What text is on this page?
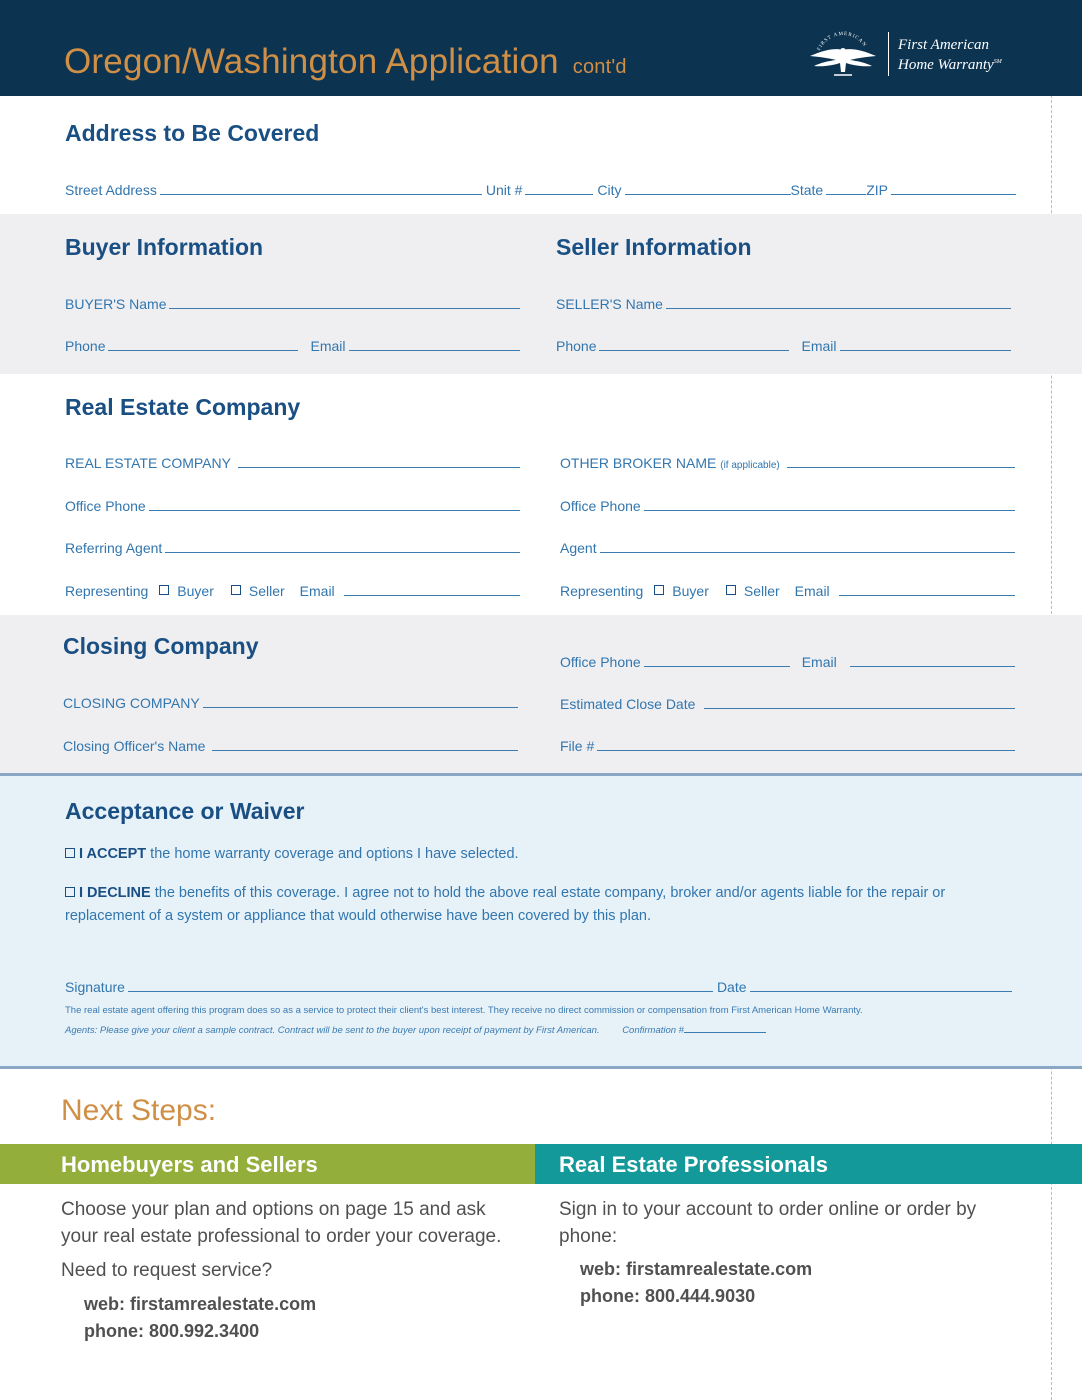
Oregon/Washington Application cont'd
FIRST AMERICAN First American
Home Warranty℠
Address to Be Covered
Street Address	Unit #	City	State	ZIP
Buyer Information	Seller Information
BUYER'S Name
Phone	Email
SELLER'S Name
Phone	Email
Real Estate Company
REAL ESTATE COMPANY
Office Phone
Referring Agent
Representing Buyer	Seller	Email
OTHER BROKER NAME (if applicable)
Office Phone
Agent
Representing Buyer	Seller	Email
Closing Company
CLOSING COMPANY
Closing Officer's Name
Office Phone	Email
Estimated Close Date
File #
Acceptance or Waiver
I ACCEPT the home warranty coverage and options I have selected.
I DECLINE the benefits of this coverage. I agree not to hold the above real estate company, broker and/or agents liable for the repair or replacement of a system or appliance that would otherwise have been covered by this plan.
Signature	Date
The real estate agent offering this program does so as a service to protect their client's best interest. They receive no direct commission or compensation from First American Home Warranty.
Agents: Please give your client a sample contract. Contract will be sent to the buyer upon receipt of payment by First American. Confirmation #
Next Steps:
Homebuyers and Sellers	Real Estate Professionals
Choose your plan and options on page 15 and ask your real estate professional to order your coverage.
Need to request service?
web: firstamrealestate.com
phone: 800.992.3400
Sign in to your account to order online or order by phone:
web: firstamrealestate.com
phone: 800.444.9030
